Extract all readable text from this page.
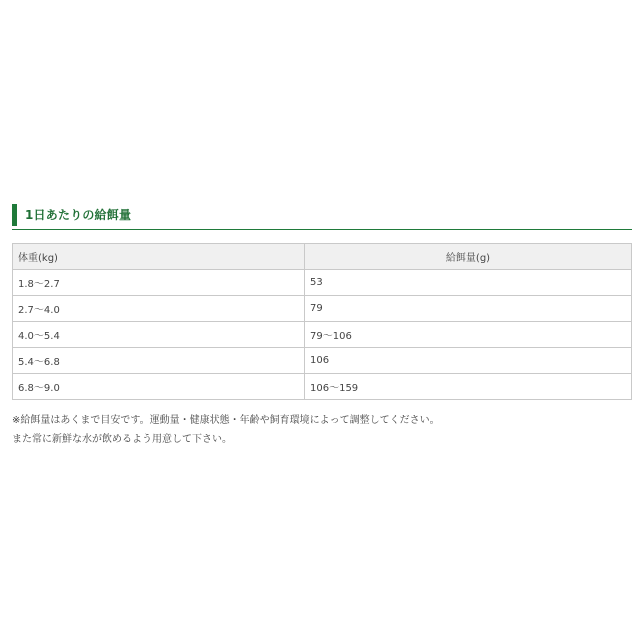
1日あたりの給餌量
体重(kg)	給餌量(g)
1.8〜2.7	53
2.7〜4.0	79
4.0〜5.4	79〜106
5.4〜6.8	106
6.8〜9.0	106〜159
※給餌量はあくまで目安です。運動量・健康状態・年齢や飼育環境によって調整してください。
また常に新鮮な水が飲めるよう用意して下さい。
